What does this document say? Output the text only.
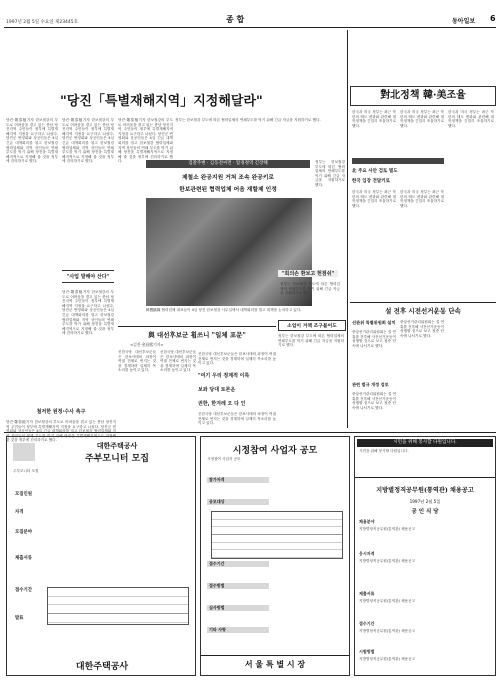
1997년 2월 5일 수요일 제23445호	종 합	동아일보 6
"당진「특별재해지역」지정해달라"
당진·鄭泰植기자 한보철강의 부도로 어려움을 겪고 있는 충남 당진지역 주민들이 정부에 특별재해지역 지정을 요구하고 나섰다. 당진군 번영회와 상공인들은 4일 긴급 대책회의를 열고 한보철강 협력업체와 지역 상인들의 연쇄 부도를 막기 위해 당진을 특별재해지역으로 지정해 줄 것을 정부에 건의하기로 했다.
당진·鄭泰植기자 한보철강의 부도로 어려움을 겪고 있는 충남 당진지역 주민들이 정부에 특별재해지역 지정을 요구하고 나섰다. 당진군 번영회와 상공인들은 4일 긴급 대책회의를 열고 한보철강 협력업체와 지역 상인들의 연쇄 부도를 막기 위해 당진을 특별재해지역으로 지정해 줄 것을 정부에 건의하기로 했다.
"사업 말해야 산다"
당진·鄭泰植기자 한보철강의 부도로 어려움을 겪고 있는 충남 당진지역 주민들이 정부에 특별재해지역 지정을 요구하고 나섰다. 당진군 번영회와 상공인들은 4일 긴급 대책회의를 열고 한보철강 협력업체와 지역 상인들의 연쇄 부도를 막기 위해 당진을 특별재해지역으로 지정해 줄 것을 정부에 건의하기로 했다.
철저한 원정·수사 촉구
당진·鄭泰植기자 한보철강의 부도로 어려움을 겪고 있는 충남 당진지역 주민들이 정부에 특별재해지역 지정을 요구하고 나섰다. 당진군 번 역 상인들의 연쇄 부도를 막기 위해 당진을 특별재해지역으로 지정해 줄 것을 정부에 건의하기로 했다.
당진·鄭泰植기자 한보철강의 부도로 어려움을 겪고 있는 충남 당진지역 주민들이 정부에 특별재해지역 지정을 요구하고 나섰다. 당진군 번영회와 상공인들은 4일 긴급 대책회의를 열고 한보철강 협력업체와 지역 상인들의 연쇄 부도를 막기 위해 당진을 특별재해지역으로 지정해 줄 것을 정부에 건의하기로 했다.	검찰주변 · 김동전씨면 · 압경정역 긴장해
제철소 완공지원 거쳐 조속 완공키로
한보관련된 협력업체 어음 재할제 인정
韓寶鐵鋼 협력업체 대표들이 4일 당진 한보철강 사무실에서 대책회의를 열고 대책을 논의하고 있다.
정부는 한보철강 부도에 따른 협력업체의 연쇄부도를 막기 위해 긴급 자금을 지원하기로 했다.
정부는 한보철강 부도에 따른 협력업체의 연쇄부도를 막기 위해 긴급 자금을 지원하기로 했다.
"회의손 환보고 헌점쉬"
정부는 한보철강 부도에 따른 협력업체의 연쇄부도를 막기 위해 긴급 자금을 지원하기로 했다.
소업이 겨책 조구불어도
정부는 한보철강 부도에 따른 협력업체의 연쇄부도를 막기 위해 긴급 자금을 지원하기로 했다.
與 대선후보군 휩쓰니 "일체 포문"
<김진·金昌熙기자>
신한국당 대선후보군들은 한보사태의 파장이 여권 전체로 번지는 것을 경계하며 일제히 목소리를 높이고 있다.
신한국당 대선후보군들은 한보사태의 파장이 여권 전체로 번지는 것을 경계하며 일제히 목소리를 높이고 있다.
"여기 우리 정계적 이룩
보좌 당대 토론운
권한, 한겨레 오 다 인
신한국당 대선후보군들은 한보사태의 파장이 여권 전체로 번지는 것을 경계하며 일제히 목소리를 높이고 있다.
신한국당 대선후보군들은 한보사태의 파장이 여권 전체로 번지는 것을 경계하며 일제히 목소리를 높이고 있다.
對北정책 韓·美조율
한국과 미국 정부는 최근 북한의 태도 변화와 관련해 대북정책을 긴밀히 조율하기로 했다.
한국과 미국 정부는 최근 북한의 태도 변화와 관련해 대북정책을 긴밀히 조율하기로 했다.
한국과 미국 정부는 최근 북한의 태도 변화와 관련해 대북정책을 긴밀히 조율하기로 했다.
北 주요 사안 검토 별도
한국 입장 전달키로
한국과 미국 정부는 최근 북한의 태도 변화와 관련해 대북정책을 긴밀히 조율하기로 했다.
한국과 미국 정부는 최근 북한의 태도 변화와 관련해 대북정책을 긴밀히 조율하기로 했다.
설 전후 시전선거운동 단속
선관위 특별위원회 설치
중앙선거관리위원회는 설 연휴를 전후해 사전선거운동이 성행할 것으로 보고 집중 단속에 나서기로 했다.
관련 법규 개정 검토
중앙선거관리위원회는 설 연휴를 전후해 사전선거운동이 성행할 것으로 보고 집중 단속에 나서기로 했다.
중앙선거관리위원회는 설 연휴를 전후해 사전선거운동이 성행할 것으로 보고 집중 단속에 나서기로 했다.
대한주택공사
주부모니터 모집
주부모니터 모집
모집인원
자격
모집분야
제출서류
접수기간
발표
대한주택공사
시정참여 사업자 공모
시정참여 사업자 공모
참가자격
공모대상
접수기간
접수방법
심사방법
기타 사항
서 울 특 별 시 장
시민을 위해 봉사할 다원입니다.
시민을 위해 봉사할 다원입니다.
지방별정직공무원(통역관) 채용공고
1997년 2월 5일
공 인 식 당
채용분야
지방별정직공무원(통역관) 채용공고
응시자격
지방별정직공무원(통역관) 채용공고
제출서류
지방별정직공무원(통역관) 채용공고
접수기간
지방별정직공무원(통역관) 채용공고
시험방법
지방별정직공무원(통역관) 채용공고
